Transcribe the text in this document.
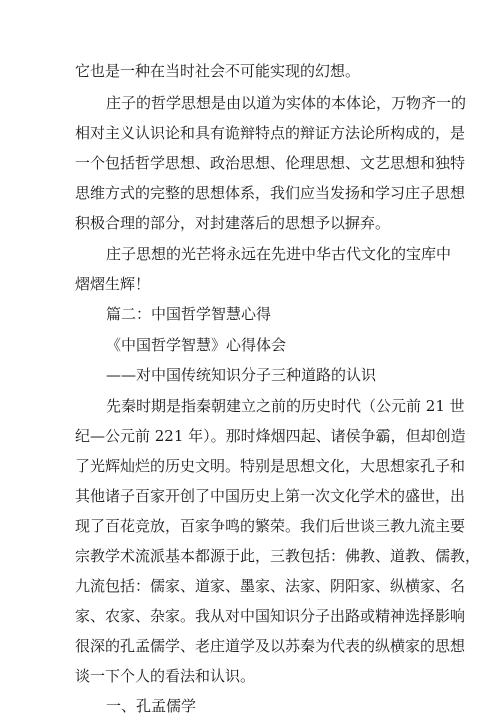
它也是一种在当时社会不可能实现的幻想。
庄子的哲学思想是由以道为实体的本体论，万物齐一的
相对主义认识论和具有诡辩特点的辩证方法论所构成的，是
一个包括哲学思想、政治思想、伦理思想、文艺思想和独特
思维方式的完整的思想体系，我们应当发扬和学习庄子思想
积极合理的部分，对封建落后的思想予以摒弃。
庄子思想的光芒将永远在先进中华古代文化的宝库中
熠熠生辉！
篇二：中国哲学智慧心得
《中国哲学智慧》心得体会
——对中国传统知识分子三种道路的认识
先秦时期是指秦朝建立之前的历史时代（公元前 21 世
纪—公元前 221 年）。那时烽烟四起、诸侯争霸，但却创造
了光辉灿烂的历史文明。特别是思想文化，大思想家孔子和
其他诸子百家开创了中国历史上第一次文化学术的盛世，出
现了百花竞放，百家争鸣的繁荣。我们后世谈三教九流主要
宗教学术流派基本都源于此，三教包括：佛教、道教、儒教，
九流包括：儒家、道家、墨家、法家、阴阳家、纵横家、名
家、农家、杂家。我从对中国知识分子出路或精神选择影响
很深的孔孟儒学、老庄道学及以苏秦为代表的纵横家的思想
谈一下个人的看法和认识。
一、孔孟儒学
